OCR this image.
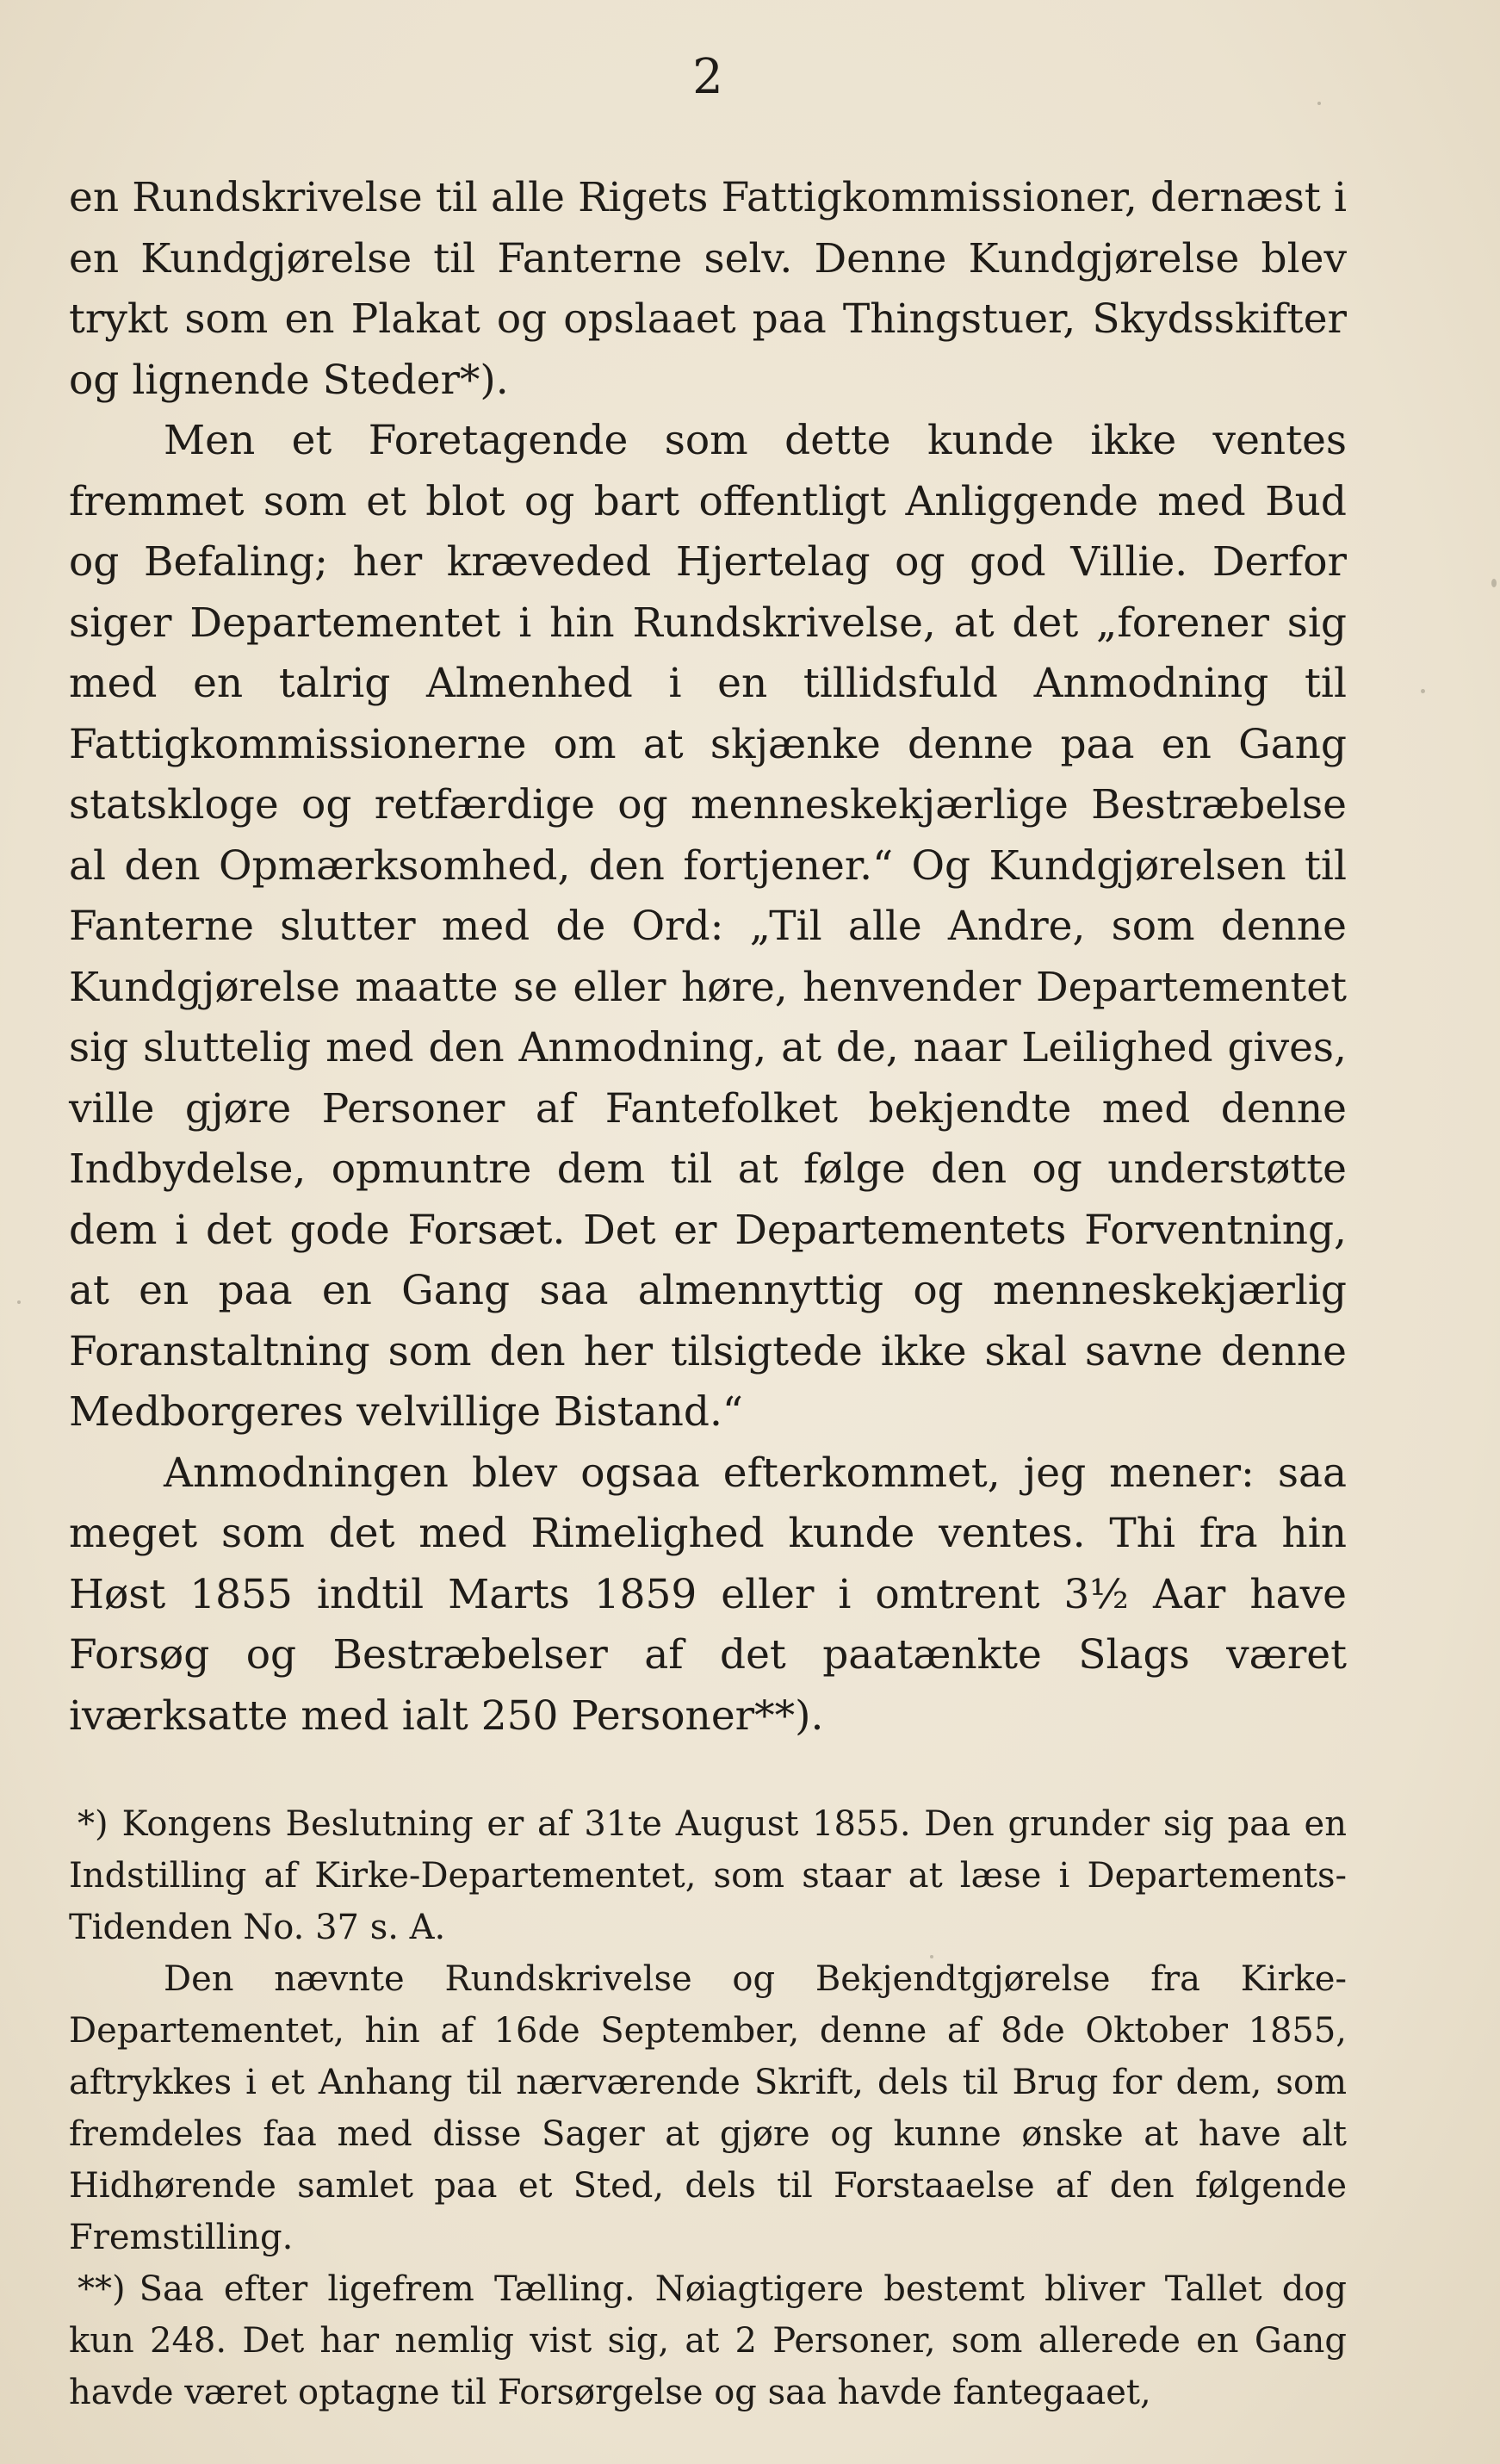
2

en Rundskrivelse til alle Rigets Fattigkommissioner, dernæst i en Kundgjørelse til Fanterne selv. Denne Kundgjørelse blev trykt som en Plakat og opslaaet paa Thingstuer, Skydsskifter og lignende Steder*).

Men et Foretagende som dette kunde ikke ventes fremmet som et blot og bart offentligt Anliggende med Bud og Befaling; her kræveded Hjertelag og god Villie. Derfor siger Departementet i hin Rundskrivelse, at det „forener sig med en talrig Almenhed i en tillidsfuld Anmodning til Fattigkommissionerne om at skjænke denne paa en Gang statskloge og retfærdige og menneskekjærlige Bestræbelse al den Opmærksomhed, den fortjener.“ Og Kundgjørelsen til Fanterne slutter med de Ord: „Til alle Andre, som denne Kundgjørelse maatte se eller høre, henvender Departementet sig sluttelig med den Anmodning, at de, naar Leilighed gives, ville gjøre Personer af Fantefolket bekjendte med denne Indbydelse, opmuntre dem til at følge den og understøtte dem i det gode Forsæt. Det er Departementets Forventning, at en paa en Gang saa almennyttig og menneskekjærlig Foranstaltning som den her tilsigtede ikke skal savne denne Medborgeres velvillige Bistand.“

Anmodningen blev ogsaa efterkommet, jeg mener: saa meget som det med Rimelighed kunde ventes. Thi fra hin Høst 1855 indtil Marts 1859 eller i omtrent 3½ Aar have Forsøg og Bestræbelser af det paatænkte Slags været iværksatte med ialt 250 Personer**).

*) Kongens Beslutning er af 31te August 1855. Den grunder sig paa en Indstilling af Kirke-Departementet, som staar at læse i Departements-Tidenden No. 37 s. A.

Den nævnte Rundskrivelse og Bekjendtgjørelse fra Kirke-Departementet, hin af 16de September, denne af 8de Oktober 1855, aftrykkes i et Anhang til nærværende Skrift, dels til Brug for dem, som fremdeles faa med disse Sager at gjøre og kunne ønske at have alt Hidhørende samlet paa et Sted, dels til Forstaaelse af den følgende Fremstilling.

**) Saa efter ligefrem Tælling. Nøiagtigere bestemt bliver Tallet dog kun 248. Det har nemlig vist sig, at 2 Personer, som allerede en Gang havde været optagne til Forsørgelse og saa havde fantegaaet,
